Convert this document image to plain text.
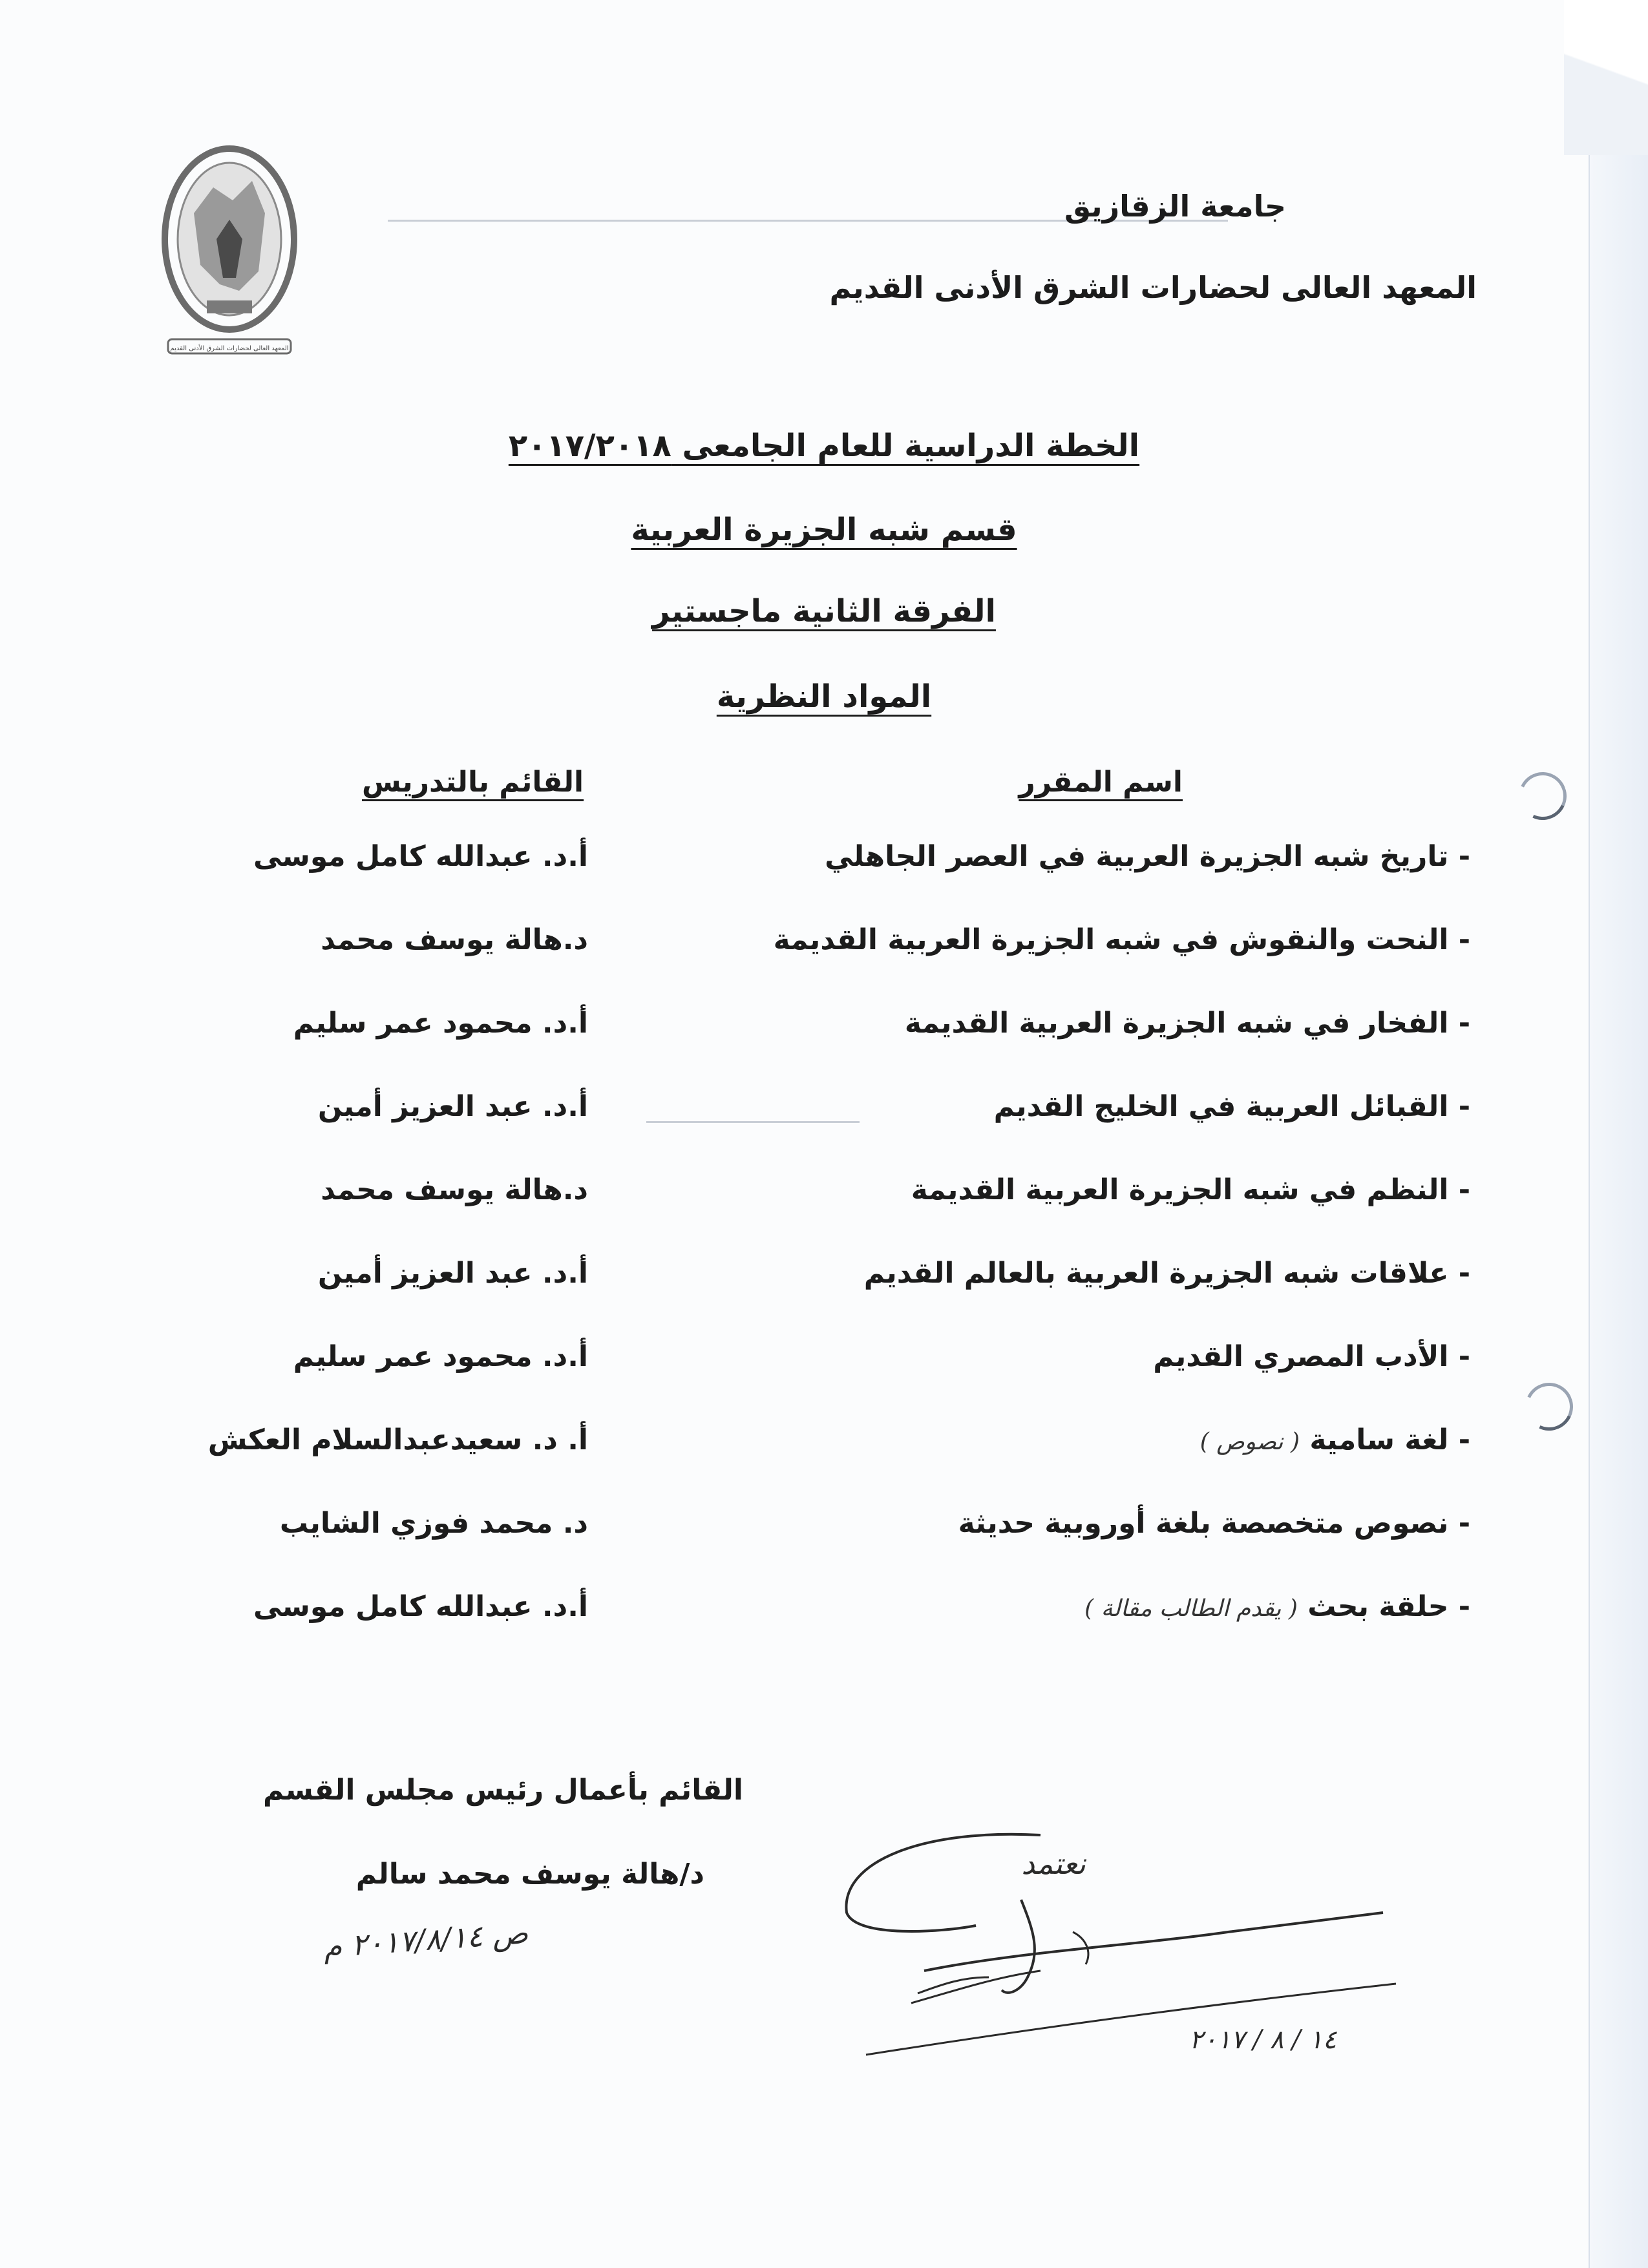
المعهد العالى لحضارات الشرق الأدنى القديم
جامعة الزقازيق
المعهد العالى لحضارات الشرق الأدنى القديم
الخطة الدراسية للعام الجامعى ٢٠١٧/٢٠١٨
قسم شبه الجزيرة العربية
الفرقة الثانية ماجستير
المواد النظرية
اسم المقرر
القائم بالتدريس
- تاريخ شبه الجزيرة العربية في العصر الجاهلي
أ.د. عبدالله كامل موسى
- النحت والنقوش في شبه الجزيرة العربية القديمة
د.هالة يوسف محمد
- الفخار في شبه الجزيرة العربية القديمة
أ.د. محمود عمر سليم
- القبائل العربية في الخليج القديم
أ.د. عبد العزيز أمين
- النظم في شبه الجزيرة العربية القديمة
د.هالة يوسف محمد
- علاقات شبه الجزيرة العربية بالعالم القديم
أ.د. عبد العزيز أمين
- الأدب المصري القديم
أ.د. محمود عمر سليم
- لغة سامية ( نصوص )
أ. د. سعيدعبدالسلام العكش
- نصوص متخصصة بلغة أوروبية حديثة
د. محمد فوزي الشايب
- حلقة بحث ( يقدم الطالب مقالة )
أ.د. عبدالله كامل موسى
القائم بأعمال رئيس مجلس القسم
د/هالة يوسف محمد سالم
ص ٢٠١٧/٨/١٤ م
نعتمد
١٤ / ٨ / ٢٠١٧
